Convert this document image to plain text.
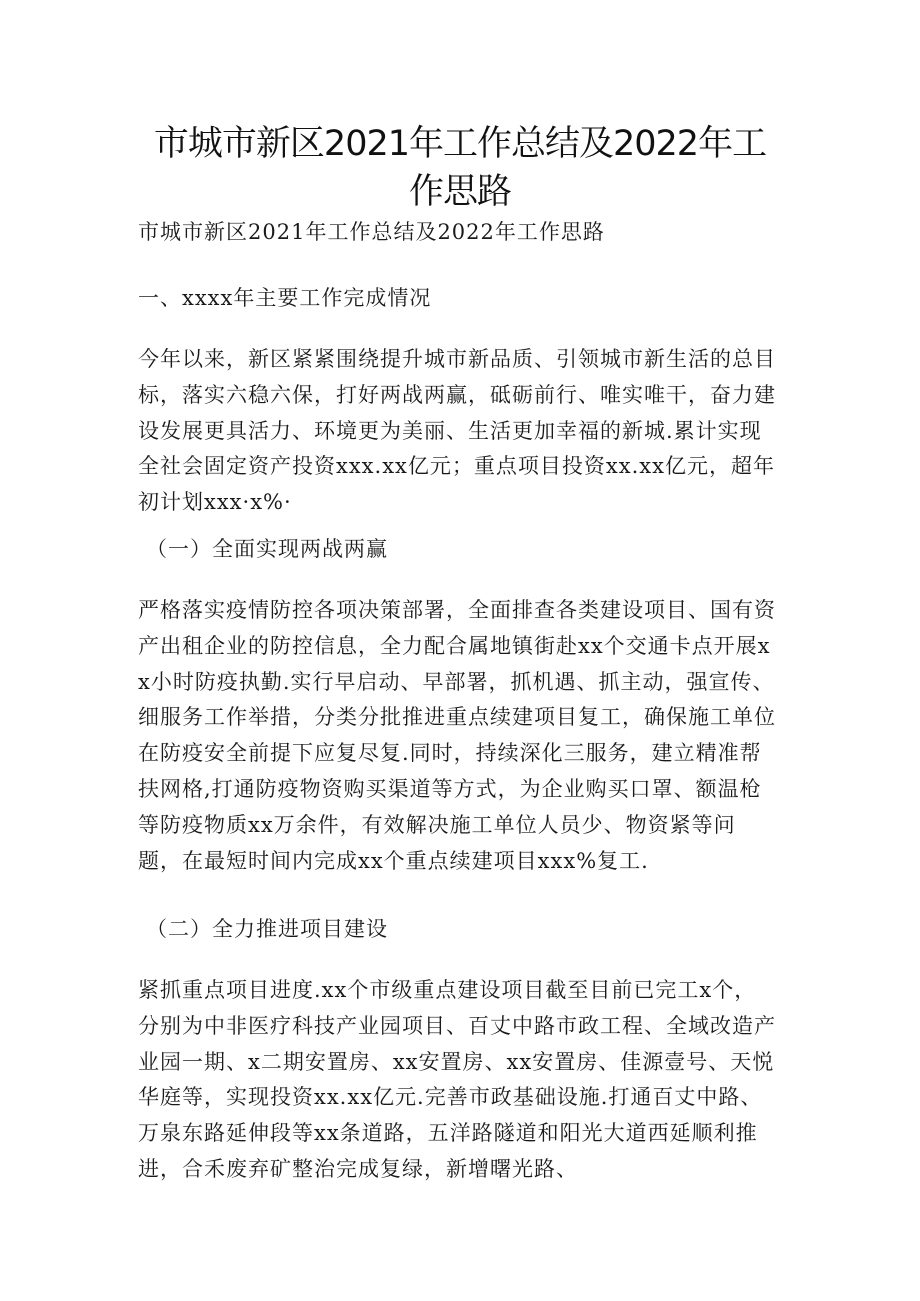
市城市新区2021年工作总结及2022年工作思路

市城市新区2021年工作总结及2022年工作思路

一、xxxx年主要工作完成情况

今年以来，新区紧紧围绕提升城市新品质、引领城市新生活的总目标，落实六稳六保，打好两战两赢，砥砺前行、唯实唯干，奋力建设发展更具活力、环境更为美丽、生活更加幸福的新城.累计实现全社会固定资产投资xxx.xx亿元；重点项目投资xx.xx亿元，超年初计划xxx·x%·

（一）全面实现两战两赢

严格落实疫情防控各项决策部署，全面排查各类建设项目、国有资产出租企业的防控信息，全力配合属地镇街赴xx个交通卡点开展xx小时防疫执勤.实行早启动、早部署，抓机遇、抓主动，强宣传、细服务工作举措，分类分批推进重点续建项目复工，确保施工单位在防疫安全前提下应复尽复.同时，持续深化三服务，建立精准帮扶网格,打通防疫物资购买渠道等方式，为企业购买口罩、额温枪等防疫物质xx万余件，有效解决施工单位人员少、物资紧等问题，在最短时间内完成xx个重点续建项目xxx%复工.

（二）全力推进项目建设

紧抓重点项目进度.xx个市级重点建设项目截至目前已完工x个，分别为中非医疗科技产业园项目、百丈中路市政工程、全域改造产业园一期、x二期安置房、xx安置房、xx安置房、佳源壹号、天悦华庭等，实现投资xx.xx亿元.完善市政基础设施.打通百丈中路、万泉东路延伸段等xx条道路，五洋路隧道和阳光大道西延顺利推进，合禾废弃矿整治完成复绿，新增曙光路、
